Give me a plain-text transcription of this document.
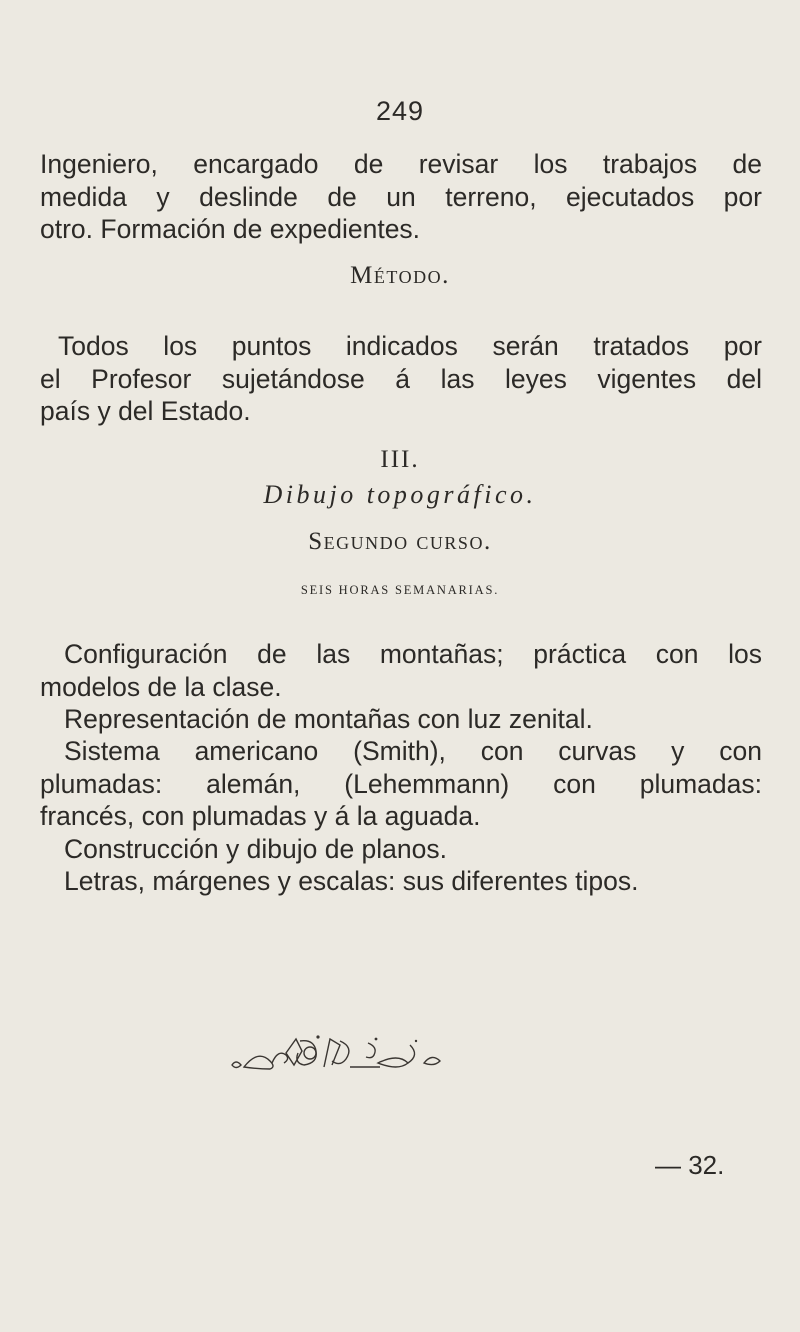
249
Ingeniero, encargado de revisar los trabajos de
medida y deslinde de un terreno, ejecutados por
otro. Formación de expedientes.
Método.
Todos los puntos indicados serán tratados por
el Profesor sujetándose á las leyes vigentes del
país y del Estado.
III.
Dibujo topográfico.
Segundo curso.
SEIS HORAS SEMANARIAS.
Configuración de las montañas; práctica con los
modelos de la clase.
Representación de montañas con luz zenital.
Sistema americano (Smith), con curvas y con
plumadas: alemán, (Lehemmann) con plumadas:
francés, con plumadas y á la aguada.
Construcción y dibujo de planos.
Letras, márgenes y escalas: sus diferentes tipos.
— 32.
